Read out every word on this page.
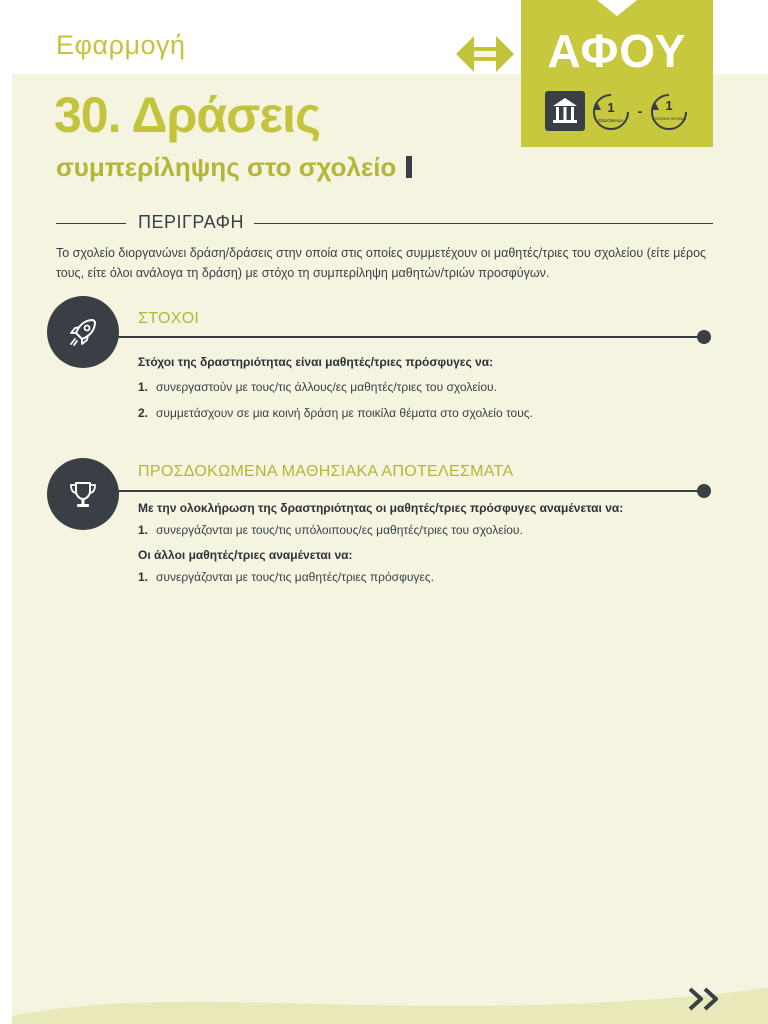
Εφαρμογή
30. Δράσεις
συμπερίληψης στο σχολείο
ΑΦΟΥ
1
ΕΒΔΟΜΑΔΑ
- 1
ΣΧΟΛΙΚΗ ΧΡΟΝΙΑ
ΠΕΡΙΓΡΑΦΗ
Το σχολείο διοργανώνει δράση/δράσεις στην οποία στις οποίες συμμετέχουν οι μαθητές/τριες του σχολείου (είτε μέρος τους, είτε όλοι ανάλογα τη δράση) με στόχο τη συμπερίληψη μαθητών/τριών προσφύγων.
ΣΤΟΧΟΙ
Στόχοι της δραστηριότητας είναι μαθητές/τριες πρόσφυγες να:
1. συνεργαστούν με τους/τις άλλους/ες μαθητές/τριες του σχολείου.
2. συμμετάσχουν σε μια κοινή δράση με ποικίλα θέματα στο σχολείο τους.
ΠΡΟΣΔΟΚΩΜΕΝΑ ΜΑΘΗΣΙΑΚΑ ΑΠΟΤΕΛΕΣΜΑΤΑ
Με την ολοκλήρωση της δραστηριότητας οι μαθητές/τριες πρόσφυγες αναμένεται να:
1. συνεργάζονται με τους/τις υπόλοιπους/ες μαθητές/τριες του σχολείου.
Οι άλλοι μαθητές/τριες αναμένεται να:
1. συνεργάζονται με τους/τις μαθητές/τριες πρόσφυγες.
